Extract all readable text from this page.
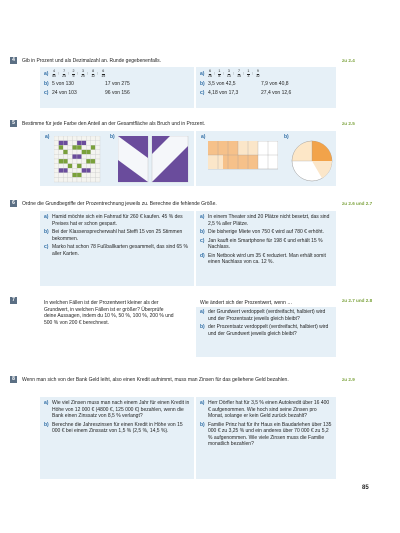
4	Gib in Prozent und als Dezimalzahl an. Runde gegebenenfalls.	zu 2.4
$a) \frac{4}{50}$ ; $\frac{7}{25}$ ; $\frac{2}{5}$ ; $\frac{3}{20}$ ; $\frac{8}{12}$ ; $\frac{6}{15}$
b) 5 von 130	17 von 275
c) 24 von 103	96 von 156
$a) \frac{6}{26}$ ; $\frac{1}{8}$ ; $\frac{3}{13}$ ; $\frac{7}{15}$ ; $\frac{1}{3}$ ; $\frac{9}{32}$
b) 3,5 von 42,5	7,9 von 40,8
c) 4,18 von 17,3	27,4 von 12,6
5	Bestimme für jede Farbe den Anteil an der Gesamtfläche als Bruch und in Prozent.	zu 2.5
a)	b)	a)	b)
6	Ordne die Grundbegriffe der Prozentrechnung jeweils zu. Berechne die fehlende Größe.	zu 2.6 und 2.7
a) Hamid möchte sich ein Fahrrad für 260 € kaufen. 45 % des Preises hat er schon gespart.
b) Bei der Klassensprecherwahl hat Steffi 15 von 25 Stimmen bekommen.
c) Marko hat schon 78 Fußballkarten gesammelt, das sind 65 % aller Karten.
a) In einem Theater sind 20 Plätze nicht besetzt, das sind 2,5 % aller Plätze.
b) Die bisherige Miete von 750 € wird auf 780 € erhöht.
c) Jan kauft ein Smartphone für 198 € und erhält 15 % Nachlass.
d) Ein Netbook wird um 35 € reduziert. Man erhält somit einen Nachlass von ca. 12 %.
7	zu 2.7 und 2.8
In welchen Fällen ist der Prozentwert kleiner als der Grundwert, in welchen Fällen ist er größer? Überprüfe deine Aussagen, indem du 10 %, 50 %, 100 %, 200 % und 500 % von 200 € berechnest.
Wie ändert sich der Prozentwert, wenn …
a) der Grundwert verdoppelt (verdreifacht, halbiert) wird und der Prozentsatz jeweils gleich bleibt?
b) der Prozentsatz verdoppelt (verdreifacht, halbiert) wird und der Grundwert jeweils gleich bleibt?
8	Wenn man sich von der Bank Geld leiht, also einen Kredit aufnimmt, muss man Zinsen für das geliehene Geld bezahlen.	zu 2.9
a) Wie viel Zinsen muss man nach einem Jahr für einen Kredit in Höhe von 12 000 € (4800 €, 125 000 €) bezahlen, wenn die Bank einen Zinssatz von 8,5 % verlangt?
b) Berechne die Jahreszinsen für einen Kredit in Höhe von 15 000 € bei einem Zinssatz von 1,5 % (2,5 %, 14,5 %).
a) Herr Dörfler hat für 3,5 % einen Autokredit über 16 400 € aufgenommen. Wie hoch sind seine Zinsen pro Monat, solange er kein Geld zurück bezahlt?
b) Familie Prinz hat für ihr Haus ein Baudarlehen über 135 000 € zu 3,25 % und ein anderes über 70 000 € zu 5,2 % aufgenommen. Wie viele Zinsen muss die Familie monatlich bezahlen?
85
